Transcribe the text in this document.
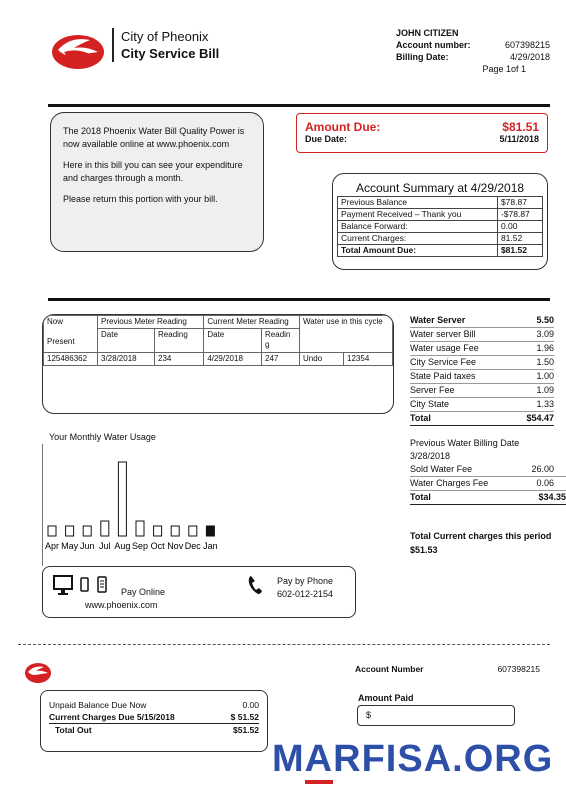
City of Pheonix
City Service Bill
JOHN CITIZEN
Account number:	607398215
Billing Date:	4/29/2018
Page 1of 1

The 2018 Phoenix Water Bill Quality Power is now available online at www.phoenix.com

Here in this bill you can see your expenditure and charges through a month.

Please return this portion with your bill.

Amount Due:	$81.51
Due Date:	5/11/2018
Account Summary at 4/29/2018
Previous Balance	$78.87
Payment Received – Thank you	-$78.87
Balance Forward:	0.00
Current Charges:	81.52
Total Amount Due:	$81.52
Now

Present	Previous Meter Reading		Current Meter Reading		Water use in this cycle	
	Date	Reading	Date	Readin g		
125486362	3/28/2018	234	4/29/2018	247	Undo	12354
Water Server	5.50
Water server Bill	3.09
Water usage Fee	1.96
City Service Fee	1.50
State Paid taxes	1.00
Server Fee	1.09
City State	1.33
Total	$54.47
Previous Water Billing Date
3/28/2018
Sold Water Fee	26.00
Water Charges Fee	0.06
Total	$34.35
Total Current charges this period
$51.53
Your Monthly Water Usage
Apr May Jun Jul Aug Sep Oct Nov Dec Jan
Pay Online
www.phoenix.com
Pay by Phone
602-012-2154
Account Number	607398215
Amount Paid
$
Unpaid Balance Due Now	0.00
Current Charges Due 5/15/2018	$ 51.52
Total Out	$51.52
MARFISA.ORG
